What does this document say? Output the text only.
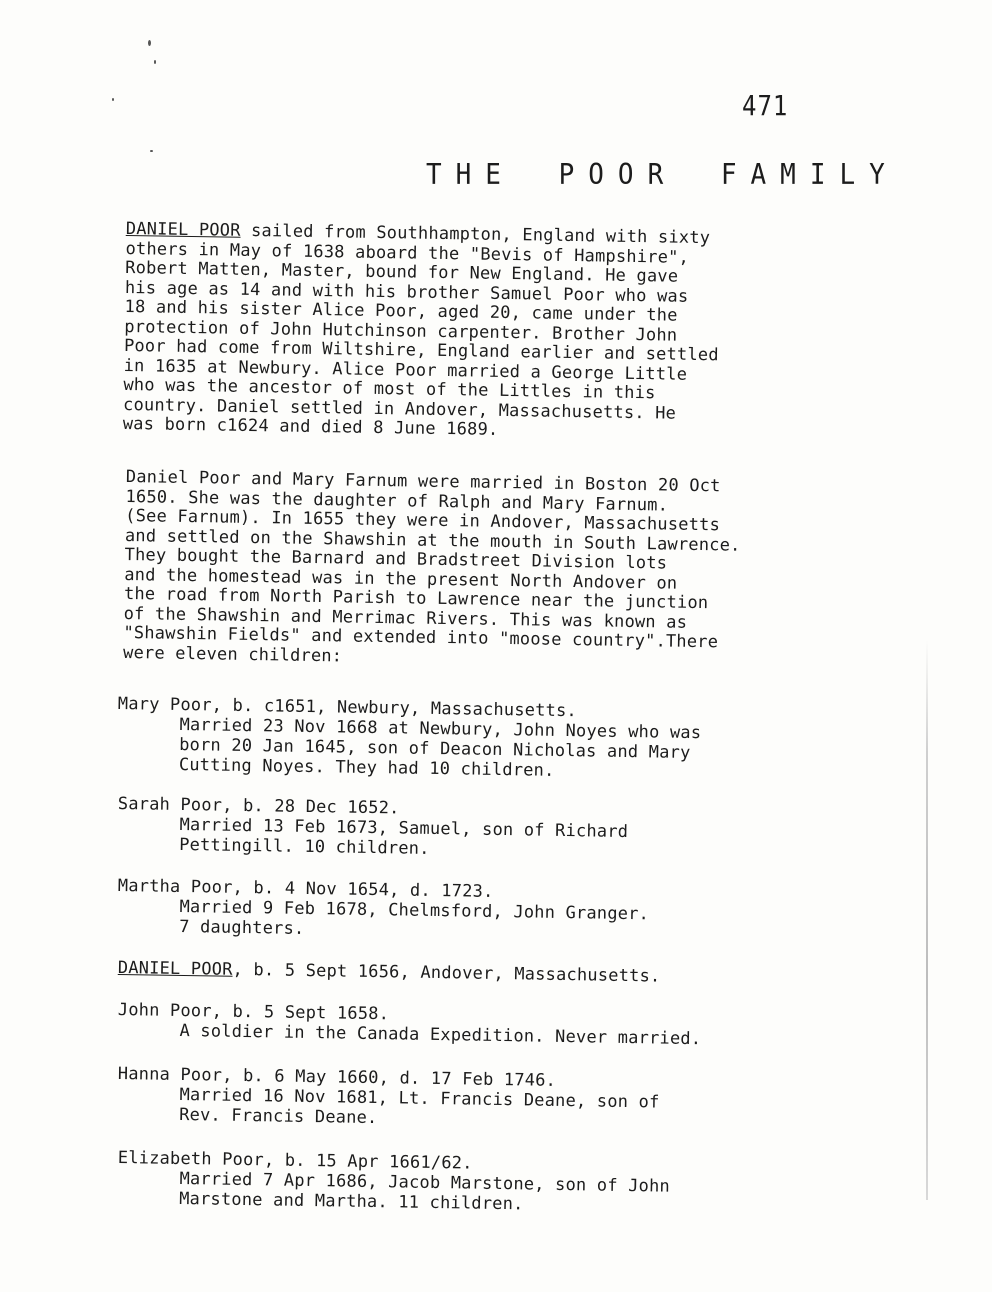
471
THE POOR FAMILY
DANIEL POOR sailed from Southhampton, England with sixty
others in May of 1638 aboard the "Bevis of Hampshire",
Robert Matten, Master, bound for New England. He gave
his age as 14 and with his brother Samuel Poor who was
18 and his sister Alice Poor, aged 20, came under the
protection of John Hutchinson carpenter. Brother John
Poor had come from Wiltshire, England earlier and settled
in 1635 at Newbury. Alice Poor married a George Little
who was the ancestor of most of the Littles in this
country. Daniel settled in Andover, Massachusetts. He
was born c1624 and died 8 June 1689.
Daniel Poor and Mary Farnum were married in Boston 20 Oct
1650. She was the daughter of Ralph and Mary Farnum.
(See Farnum). In 1655 they were in Andover, Massachusetts
and settled on the Shawshin at the mouth in South Lawrence.
They bought the Barnard and Bradstreet Division lots
and the homestead was in the present North Andover on
the road from North Parish to Lawrence near the junction
of the Shawshin and Merrimac Rivers. This was known as
"Shawshin Fields" and extended into "moose country".There
were eleven children:
Mary Poor, b. c1651, Newbury, Massachusetts.
Married 23 Nov 1668 at Newbury, John Noyes who was
born 20 Jan 1645, son of Deacon Nicholas and Mary
Cutting Noyes. They had 10 children.
Sarah Poor, b. 28 Dec 1652.
Married 13 Feb 1673, Samuel, son of Richard
Pettingill. 10 children.
Martha Poor, b. 4 Nov 1654, d. 1723.
Married 9 Feb 1678, Chelmsford, John Granger.
7 daughters.
DANIEL POOR, b. 5 Sept 1656, Andover, Massachusetts.
John Poor, b. 5 Sept 1658.
A soldier in the Canada Expedition. Never married.
Hanna Poor, b. 6 May 1660, d. 17 Feb 1746.
Married 16 Nov 1681, Lt. Francis Deane, son of
Rev. Francis Deane.
Elizabeth Poor, b. 15 Apr 1661/62.
Married 7 Apr 1686, Jacob Marstone, son of John
Marstone and Martha. 11 children.
